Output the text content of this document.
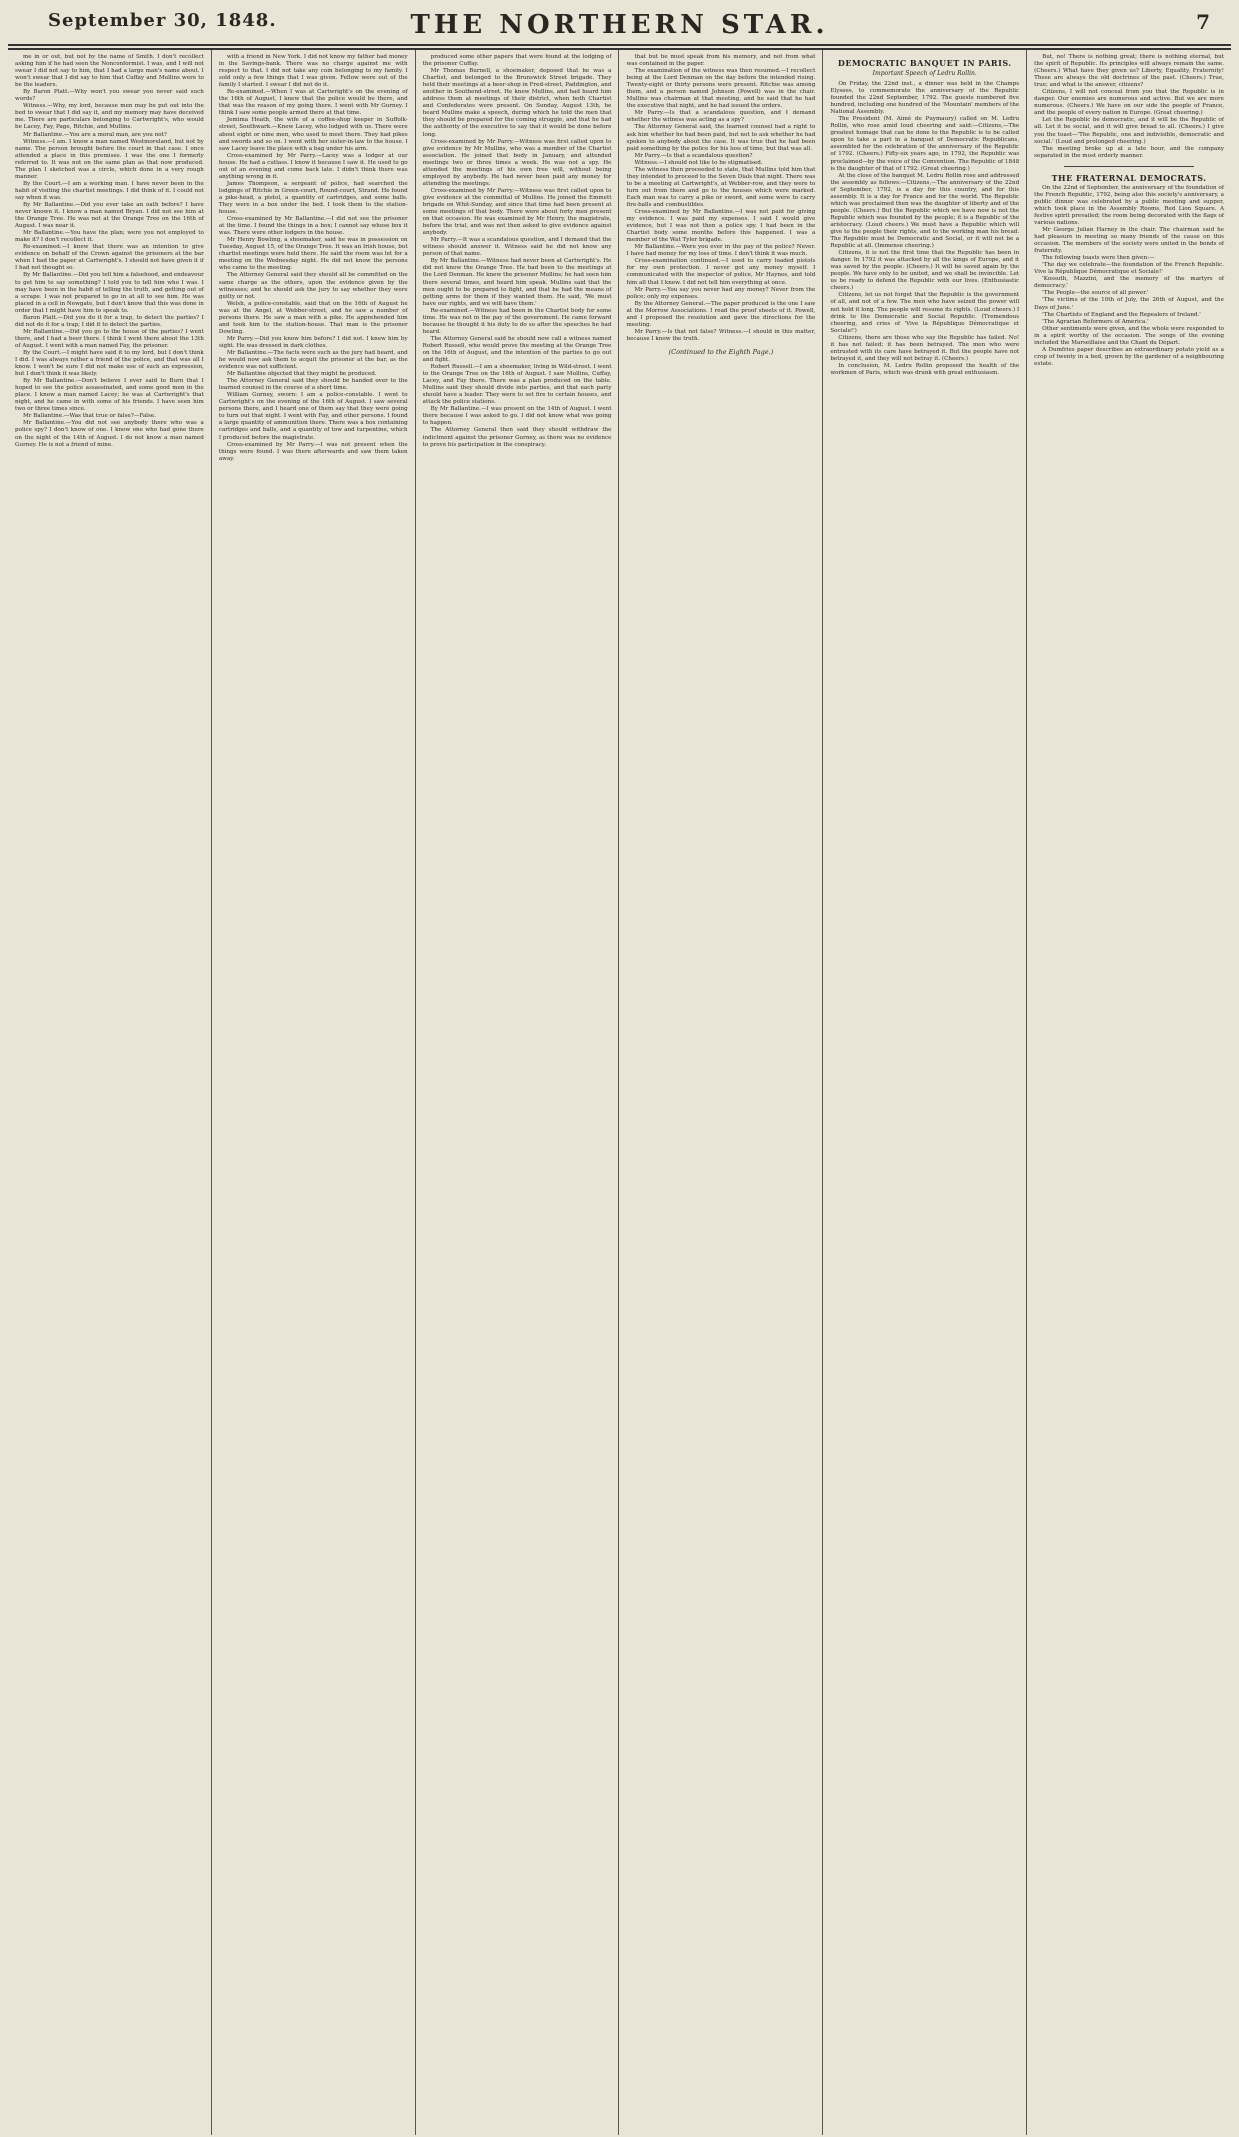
September 30, 1848.	THE NORTHERN STAR.	7

me in or out, but not by the name of Smith. I don't recollect asking him if he had seen the Nonconformist. I was, and I will not swear I did not say to him, that I had a large man's name about. I won't swear that I did say to him that Cuffay and Mullins were to be the leaders.

By Baron Platt.—Why won't you swear you never said such words?

Witness.—Why, my lord, because men may be put out into the bed to swear that I did say it, and my memory may have deceived me. There are particulars belonging to Cartwright's, who would be Lacey, Fay, Page, Ritchie, and Mullins.

Mr Ballantine.—You are a moral man, are you not?

Witness.—I am. I know a man named Westmoreland, but not by name. The person brought before the court in that case. I once attended a place in this premises. I was the one I formerly referred to. It was not on the same plan as that now produced. The plan I sketched was a circle, which done in a very rough manner.

By the Court.—I am a working man. I have never been in the habit of visiting the chartist meetings. I did think of it. I could not say when it was.

By Mr Ballantine.—Did you ever take an oath before? I have never known it. I know a man named Bryan. I did not see him at the Orange Tree. He was not at the Orange Tree on the 16th of August. I was near it.

Mr Ballantine.—You have the plan; were you not employed to make it? I don't recollect it.

Re-examined.—I knew that there was an intention to give evidence on behalf of the Crown against the prisoners at the bar when I had the paper at Cartwright's. I should not have given it if I had not thought so.

By Mr Ballantine.—Did you tell him a falsehood, and endeavour to get him to say something? I told you to tell him who I was. I may have been in the habit of telling the truth, and getting out of a scrape. I was not prepared to go in at all to see him. He was placed in a cell in Newgate, but I don't know that this was done in order that I might have him to speak to.

Baron Platt.—Did you do it for a trap, to detect the parties? I did not do it for a trap; I did it to detect the parties.

Mr Ballantine.—Did you go to the house of the parties? I went there, and I had a beer there. I think I went there about the 13th of August. I went with a man named Fay, the prisoner.

By the Court.—I might have said it to my lord, but I don't think I did. I was always rather a friend of the police, and that was all I know. I won't be sure I did not make use of such an expression, but I don't think it was likely.

By Mr Ballantine.—Don't believe I ever said to Burn that I hoped to see the police assassinated, and some good men in the place. I know a man named Lacey; he was at Cartwright's that night, and he came in with some of his friends. I have seen him two or three times since.

Mr Ballantine.—Was that true or false?—False.

Mr Ballantine.—You did not see anybody there who was a police spy? I don't know of one. I know one who had gone there on the night of the 14th of August. I do not know a man named Gurney. He is not a friend of mine.

with a friend in New York. I did not know my father had money in the Savings-bank. There was no charge against me with respect to that. I did not take any coin belonging to my family. I sold only a few things that I was given. Fellow were out of the family I started. I swear I did not do it.

Re-examined.—When I was at Cartwright's on the evening of the 16th of August, I knew that the police would be there, and that was the reason of my going there. I went with Mr Gurney. I think I saw some people armed there at that time.

Jemima Heath, the wife of a coffee-shop keeper in Suffolk-street, Southwark.—Knew Lacey, who lodged with us. There were about eight or nine men, who used to meet there. They had pikes and swords and so on. I went with her sister-in-law to the house. I saw Lacey leave the place with a bag under his arm.

Cross-examined by Mr Parry.—Lacey was a lodger at our house. He had a cutlass. I know it because I saw it. He used to go out of an evening and come back late. I didn't think there was anything wrong in it.

James Thompson, a sergeant of police, had searched the lodgings of Ritchie in Green-court, Round-court, Strand. He found a pike-head, a pistol, a quantity of cartridges, and some balls. They were in a box under the bed. I took them to the station-house.

Cross-examined by Mr Ballantine.—I did not see the prisoner at the time. I found the things in a box; I cannot say whose box it was. There were other lodgers in the house.

Mr Henry Bowling, a shoemaker, said he was in possession on Tuesday, August 15, of the Orange Tree. It was an Irish house, but chartist meetings were held there. He said the room was let for a meeting on the Wednesday night. He did not know the persons who came to the meeting.

The Attorney General said they should all be committed on the same charge as the others, upon the evidence given by the witnesses; and he should ask the jury to say whether they were guilty or not.

Welsh, a police-constable, said that on the 16th of August he was at the Angel, at Webber-street, and he saw a number of persons there. He saw a man with a pike. He apprehended him and took him to the station-house. That man is the prisoner Dowling.

Mr Parry.—Did you know him before? I did not. I knew him by sight. He was dressed in dark clothes.

Mr Ballantine.—The facts were such as the jury had heard, and he would now ask them to acquit the prisoner at the bar, as the evidence was not sufficient.

Mr Ballantine objected that they might be produced.

The Attorney General said they should be handed over to the learned counsel in the course of a short time.

William Gurney, sworn: I am a police-constable. I went to Cartwright's on the evening of the 16th of August. I saw several persons there, and I heard one of them say that they were going to turn out that night. I went with Fay, and other persons. I found a large quantity of ammunition there. There was a box containing cartridges and balls, and a quantity of tow and turpentine, which I produced before the magistrate.

Cross-examined by Mr Parry.—I was not present when the things were found. I was there afterwards and saw them taken away.

produced some other papers that were found at the lodging of the prisoner Cuffay.

Mr Thomas Burnell, a shoemaker, deposed that he was a Chartist, and belonged to the Brunswick Street brigade. They held their meetings at a beer-shop in Fred-street, Paddington, and another in Southend-street. He knew Mullins, and had heard him address them at meetings of their district, when both Chartist and Confederates were present. On Sunday, August 13th, he heard Mullins make a speech, during which he told the men that they should be prepared for the coming struggle, and that he had the authority of the executive to say that it would be done before long.

Cross-examined by Mr Parry.—Witness was first called upon to give evidence by Mr Mullins, who was a member of the Chartist association. He joined that body in January, and attended meetings two or three times a week. He was not a spy. He attended the meetings of his own free will, without being employed by anybody. He had never been paid any money for attending the meetings.

Cross-examined by Mr Parry.—Witness was first called upon to give evidence at the committal of Mullins. He joined the Emmett brigade on Whit-Sunday, and since that time had been present at some meetings of that body. There were about forty men present on that occasion. He was examined by Mr Henry, the magistrate, before the trial, and was not then asked to give evidence against anybody.

Mr Parry.—It was a scandalous question, and I demand that the witness should answer it. Witness said he did not know any person of that name.

By Mr Ballantine.—Witness had never been at Cartwright's. He did not know the Orange Tree. He had been to the meetings at the Lord Denman. He knew the prisoner Mullins; he had seen him there several times, and heard him speak. Mullins said that the men ought to be prepared to fight, and that he had the means of getting arms for them if they wanted them. He said, 'We must have our rights, and we will have them.'

Re-examined.—Witness had been in the Chartist body for some time. He was not in the pay of the government. He came forward because he thought it his duty to do so after the speeches he had heard.

The Attorney General said he should now call a witness named Robert Russell, who would prove the meeting at the Orange Tree on the 16th of August, and the intention of the parties to go out and fight.

Robert Russell.—I am a shoemaker, living in Wild-street. I went to the Orange Tree on the 16th of August. I saw Mullins, Cuffay, Lacey, and Fay there. There was a plan produced on the table. Mullins said they should divide into parties, and that each party should have a leader. They were to set fire to certain houses, and attack the police stations.

By Mr Ballantine.—I was present on the 14th of August. I went there because I was asked to go. I did not know what was going to happen.

The Attorney General then said they should withdraw the indictment against the prisoner Gurney, as there was no evidence to prove his participation in the conspiracy.

that but he must speak from his memory, and not from what was contained in the paper.

The examination of the witness was then resumed.—I recollect being at the Lord Denman on the day before the intended rising. Twenty-eight or thirty persons were present. Ritchie was among them, and a person named Johnson (Powell) was in the chair. Mullins was chairman at that meeting, and he said that he had the executive that night, and he had issued the orders.

Mr Parry.—Is that a scandalous question, and I demand whether the witness was acting as a spy?

The Attorney General said, the learned counsel had a right to ask him whether he had been paid, but not to ask whether he had spoken to anybody about the case. It was true that he had been paid something by the police for his loss of time, but that was all.

Mr Parry.—Is that a scandalous question?

Witness.—I should not like to be stigmatised.

The witness then proceeded to state, that Mullins told him that they intended to proceed to the Seven Dials that night. There was to be a meeting at Cartwright's, at Webber-row, and they were to turn out from there and go to the houses which were marked. Each man was to carry a pike or sword, and some were to carry fire-balls and combustibles.

Cross-examined by Mr Ballantine.—I was not paid for giving my evidence. I was paid my expenses. I said I would give evidence, but I was not then a police spy. I had been in the Chartist body some months before this happened. I was a member of the Wat Tyler brigade.

Mr Ballantine.—Were you ever in the pay of the police? Never. I have had money for my loss of time. I don't think it was much.

Cross-examination continued.—I used to carry loaded pistols for my own protection. I never got any money myself. I communicated with the inspector of police, Mr Haynes, and told him all that I knew. I did not tell him everything at once.

Mr Parry.—You say you never had any money? Never from the police; only my expenses.

By the Attorney General.—The paper produced is the one I saw at the Morrow Associations. I read the proof sheets of it. Powell, and I proposed the resolution and gave the directions for the meeting.

Mr Parry.—Is that not false? Witness.—I should in this matter, because I know the truth.

(Continued to the Eighth Page.)
DEMOCRATIC BANQUET IN PARIS.
Important Speech of Ledru Rollin.

On Friday, the 22nd inst., a dinner was held in the Champs Elysees, to commemorate the anniversary of the Republic founded the 22nd September, 1792. The guests numbered five hundred, including one hundred of the 'Mountain' members of the National Assembly.

The President (M. Aimé de Puymaury) called on M. Ledru Rollin, who rose amid loud cheering and said:—Citizens,—The greatest homage that can be done to the Republic is to be called upon to take a part in a banquet of Democratic Republicans, assembled for the celebration of the anniversary of the Republic of 1792. (Cheers.) Fifty-six years ago, in 1792, the Republic was proclaimed—by the voice of the Convention. The Republic of 1848 is the daughter of that of 1792. (Great cheering.)

At the close of the banquet M. Ledru Rollin rose and addressed the assembly as follows:—Citizens,—The anniversary of the 22nd of September, 1792, is a day for this country, and for this assembly. It is a day for France and for the world. The Republic which was proclaimed then was the daughter of liberty and of the people. (Cheers.) But the Republic which we have now is not the Republic which was founded by the people; it is a Republic of the aristocracy. (Loud cheers.) We must have a Republic which will give to the people their rights, and to the working man his bread. The Republic must be Democratic and Social, or it will not be a Republic at all. (Immense cheering.)

Citizens, it is not the first time that the Republic has been in danger. In 1792 it was attacked by all the kings of Europe, and it was saved by the people. (Cheers.) It will be saved again by the people. We have only to be united, and we shall be invincible. Let us be ready to defend the Republic with our lives. (Enthusiastic cheers.)

Citizens, let us not forget that the Republic is the government of all, and not of a few. The men who have seized the power will not hold it long. The people will resume its rights. (Loud cheers.) I drink to the Democratic and Social Republic. (Tremendous cheering, and cries of 'Vive la République Démocratique et Sociale!')

Citizens, there are those who say the Republic has failed. No! it has not failed; it has been betrayed. The men who were entrusted with its care have betrayed it. But the people have not betrayed it, and they will not betray it. (Cheers.)

In conclusion, M. Ledru Rollin proposed the health of the workmen of Paris, which was drunk with great enthusiasm.

But, no! There is nothing great; there is nothing eternal, but the spirit of Republic. Its principles will always remain the same. (Cheers.) What have they given us? Liberty, Equality, Fraternity! These are always the old doctrines of the past. (Cheers.) True, true; and what is the answer, citizens?

Citizens, I will not conceal from you that the Republic is in danger. Our enemies are numerous and active. But we are more numerous. (Cheers.) We have on our side the people of France, and the people of every nation in Europe. (Great cheering.)

Let the Republic be democratic, and it will be the Republic of all. Let it be social, and it will give bread to all. (Cheers.) I give you the toast—'The Republic, one and indivisible, democratic and social.' (Loud and prolonged cheering.)

The meeting broke up at a late hour, and the company separated in the most orderly manner.

THE FRATERNAL DEMOCRATS.

On the 22nd of September, the anniversary of the foundation of the French Republic, 1792, being also this society's anniversary, a public dinner was celebrated by a public meeting and supper, which took place in the Assembly Rooms, Red Lion Square. A festive spirit prevailed; the room being decorated with the flags of various nations.

Mr George Julian Harney in the chair. The chairman said he had pleasure in meeting so many friends of the cause on this occasion. The members of the society were united in the bonds of fraternity.

The following toasts were then given:—

'The day we celebrate—the foundation of the French Republic. Vive la République Démocratique et Sociale!'

'Kossuth, Mazzini, and the memory of the martyrs of democracy.'

'The People—the source of all power.'

'The victims of the 10th of July, the 26th of August, and the Days of June.'

'The Chartists of England and the Repealers of Ireland.'

'The Agrarian Reformers of America.'

Other sentiments were given, and the whole were responded to in a spirit worthy of the occasion. The songs of the evening included the Marseillaise and the Chant du Départ.

A Dumfries paper describes an extraordinary potato yield as a crop of twenty in a bed, grown by the gardener of a neighbouring estate.
